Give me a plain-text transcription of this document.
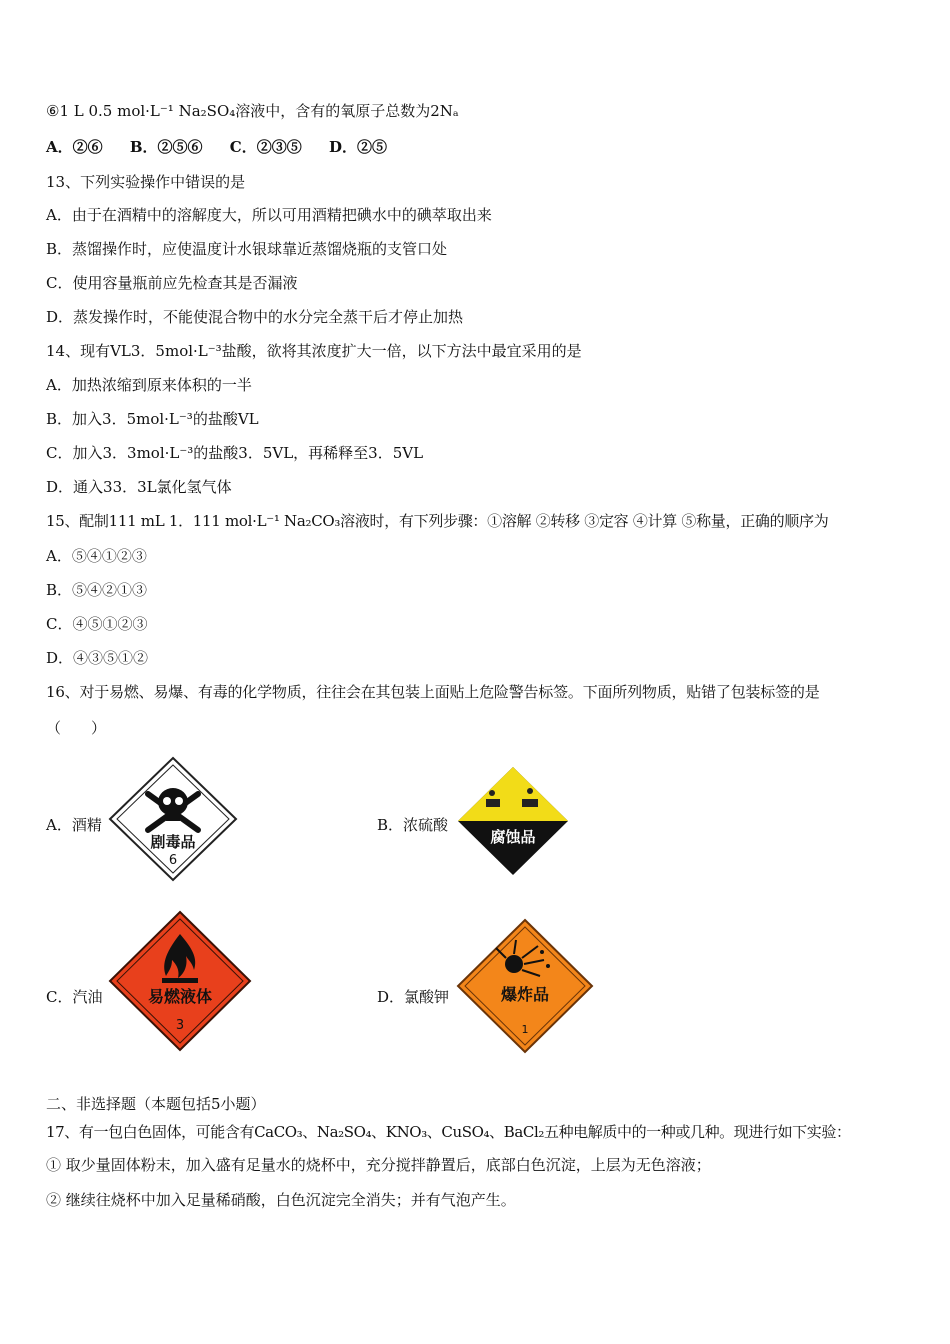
⑥1 L 0.5 mol·L⁻¹ Na₂SO₄溶液中，含有的氧原子总数为2Nₐ
A．②⑥ B．②⑤⑥ C．②③⑤ D．②⑤
13、下列实验操作中错误的是
A．由于在酒精中的溶解度大，所以可用酒精把碘水中的碘萃取出来
B．蒸馏操作时，应使温度计水银球靠近蒸馏烧瓶的支管口处
C．使用容量瓶前应先检查其是否漏液
D．蒸发操作时，不能使混合物中的水分完全蒸干后才停止加热
14、现有VL3．5mol·L⁻³盐酸，欲将其浓度扩大一倍，以下方法中最宜采用的是
A．加热浓缩到原来体积的一半
B．加入3．5mol·L⁻³的盐酸VL
C．加入3．3mol·L⁻³的盐酸3．5VL，再稀释至3．5VL
D．通入33．3L氯化氢气体
15、配制111 mL 1．111 mol·L⁻¹ Na₂CO₃溶液时，有下列步骤：①溶解 ②转移 ③定容 ④计算 ⑤称量，正确的顺序为
A．⑤④①②③
B．⑤④②①③
C．④⑤①②③
D．④③⑤①②
16、对于易燃、易爆、有毒的化学物质，往往会在其包装上面贴上危险警告标签。下面所列物质，贴错了包装标签的是
（　　）
A．酒精
剧毒品
6
B．浓硫酸
腐蚀品
C．汽油	易燃液体
3
D．氯酸钾	爆炸品
1
二、非选择题（本题包括5小题）
17、有一包白色固体，可能含有CaCO₃、Na₂SO₄、KNO₃、CuSO₄、BaCl₂五种电解质中的一种或几种。现进行如下实验：
① 取少量固体粉末，加入盛有足量水的烧杯中，充分搅拌静置后，底部白色沉淀，上层为无色溶液；
② 继续往烧杯中加入足量稀硝酸，白色沉淀完全消失；并有气泡产生。
